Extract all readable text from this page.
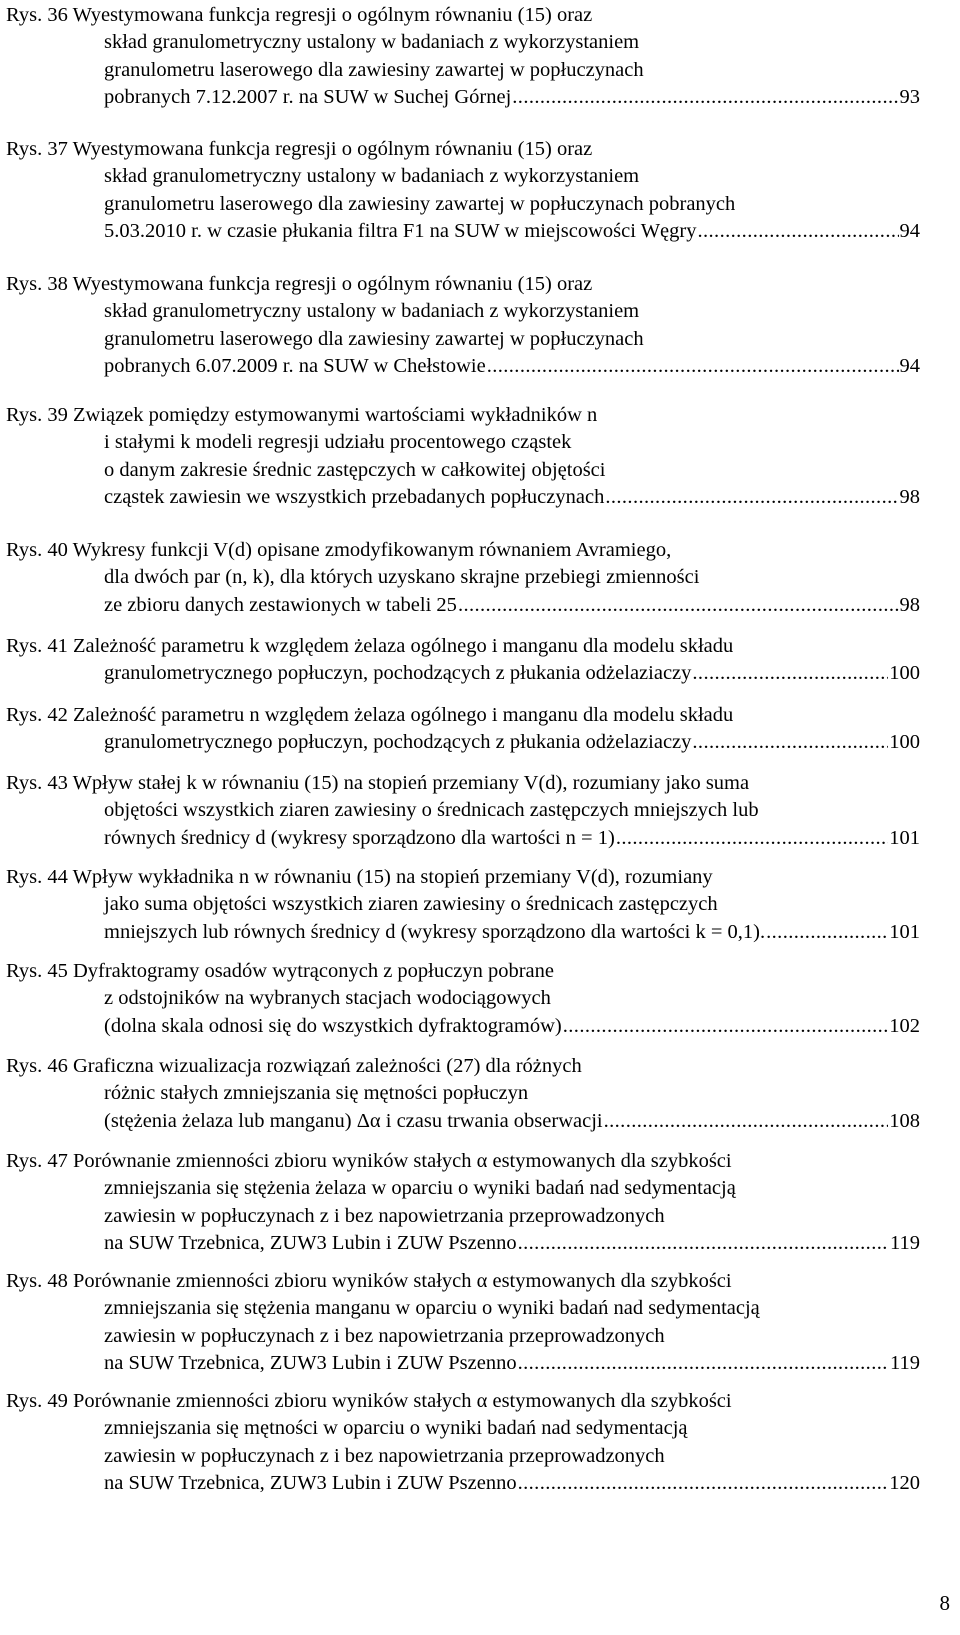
Rys. 36 Wyestymowana funkcja regresji o ogólnym równaniu (15) oraz
skład granulometryczny ustalony w badaniach z wykorzystaniem
granulometru laserowego dla zawiesiny zawartej w popłuczynach
pobranych 7.12.2007 r. na SUW w Suchej Górnej .....	93
Rys. 37 Wyestymowana funkcja regresji o ogólnym równaniu (15) oraz
skład granulometryczny ustalony w badaniach z wykorzystaniem
granulometru laserowego dla zawiesiny zawartej w popłuczynach pobranych
5.03.2010 r. w czasie płukania filtra F1 na SUW w miejscowości Węgry .....	94
Rys. 38 Wyestymowana funkcja regresji o ogólnym równaniu (15) oraz
skład granulometryczny ustalony w badaniach z wykorzystaniem
granulometru laserowego dla zawiesiny zawartej w popłuczynach
pobranych 6.07.2009 r. na SUW w Chełstowie .....	94
Rys. 39 Związek pomiędzy estymowanymi wartościami wykładników n
i stałymi k modeli regresji udziału procentowego cząstek
o danym zakresie średnic zastępczych w całkowitej objętości
cząstek zawiesin we wszystkich przebadanych popłuczynach .....	98
Rys. 40 Wykresy funkcji V(d) opisane zmodyfikowanym równaniem Avramiego,
dla dwóch par (n, k), dla których uzyskano skrajne przebiegi zmienności
ze zbioru danych zestawionych w tabeli 25 .....	98
Rys. 41 Zależność parametru k względem żelaza ogólnego i manganu dla modelu składu
granulometrycznego popłuczyn, pochodzących z płukania odżelaziaczy .....	100
Rys. 42 Zależność parametru n względem żelaza ogólnego i manganu dla modelu składu
granulometrycznego popłuczyn, pochodzących z płukania odżelaziaczy .....	100
Rys. 43 Wpływ stałej k w równaniu (15) na stopień przemiany V(d), rozumiany jako suma
objętości wszystkich ziaren zawiesiny o średnicach zastępczych mniejszych lub
równych średnicy d (wykresy sporządzono dla wartości n = 1) .....	101
Rys. 44 Wpływ wykładnika n w równaniu (15) na stopień przemiany V(d), rozumiany
jako suma objętości wszystkich ziaren zawiesiny o średnicach zastępczych
mniejszych lub równych średnicy d (wykresy sporządzono dla wartości k = 0,1). .....	101
Rys. 45 Dyfraktogramy osadów wytrąconych z popłuczyn pobrane
z odstojników na wybranych stacjach wodociągowych
(dolna skala odnosi się do wszystkich dyfraktogramów) .....	102
Rys. 46 Graficzna wizualizacja rozwiązań zależności (27) dla różnych
różnic stałych zmniejszania się mętności popłuczyn
(stężenia żelaza lub manganu) Δα i czasu trwania obserwacji .....	108
Rys. 47 Porównanie zmienności zbioru wyników stałych α estymowanych dla szybkości
zmniejszania się stężenia żelaza w oparciu o wyniki badań nad sedymentacją
zawiesin w popłuczynach z i bez napowietrzania przeprowadzonych
na SUW Trzebnica, ZUW3 Lubin i ZUW Pszenno .....	119
Rys. 48 Porównanie zmienności zbioru wyników stałych α estymowanych dla szybkości
zmniejszania się stężenia manganu w oparciu o wyniki badań nad sedymentacją
zawiesin w popłuczynach z i bez napowietrzania przeprowadzonych
na SUW Trzebnica, ZUW3 Lubin i ZUW Pszenno .....	119
Rys. 49 Porównanie zmienności zbioru wyników stałych α estymowanych dla szybkości
zmniejszania się mętności w oparciu o wyniki badań nad sedymentacją
zawiesin w popłuczynach z i bez napowietrzania przeprowadzonych
na SUW Trzebnica, ZUW3 Lubin i ZUW Pszenno .....	120
8
